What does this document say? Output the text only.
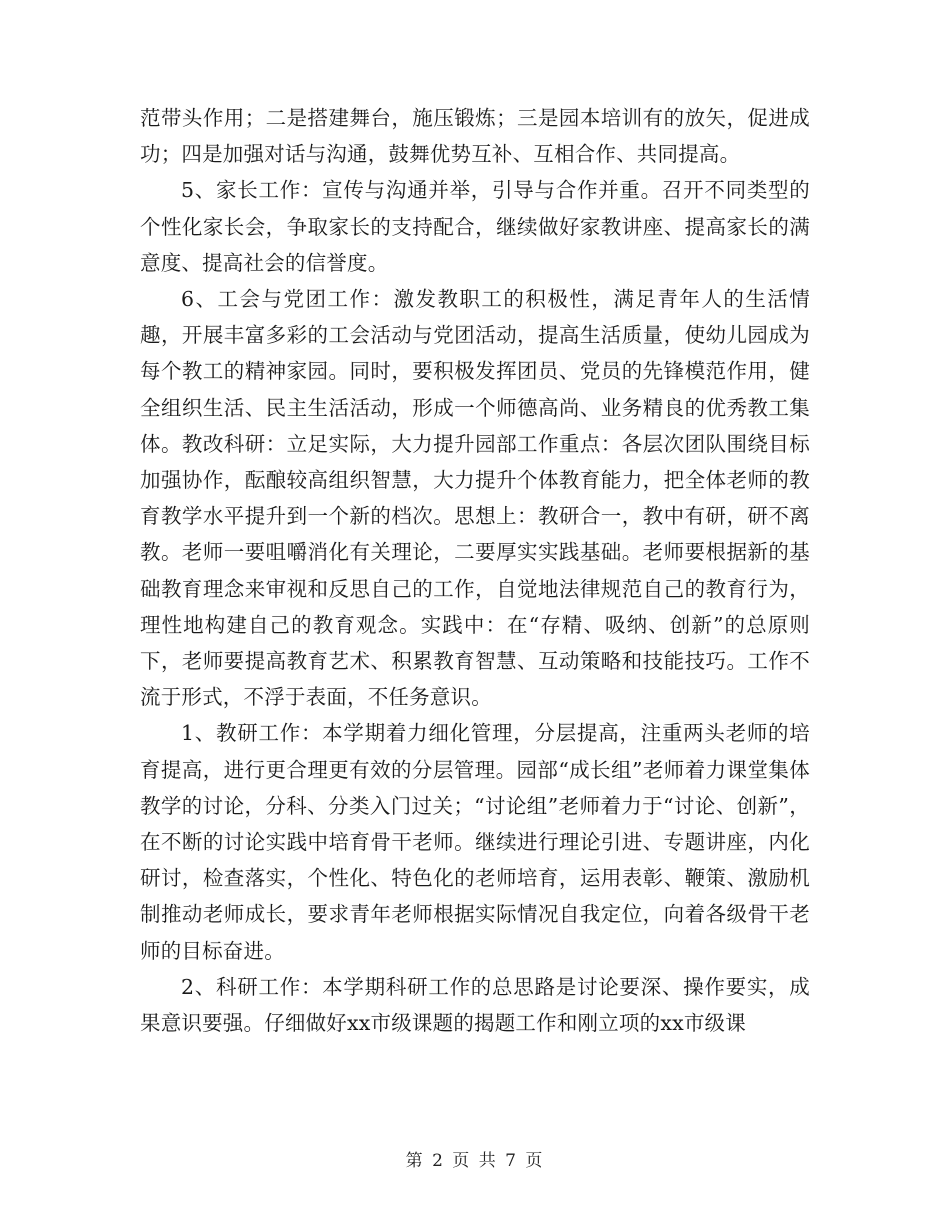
范带头作用；二是搭建舞台，施压锻炼；三是园本培训有的放矢，促进成功；四是加强对话与沟通，鼓舞优势互补、互相合作、共同提高。

5、家长工作：宣传与沟通并举，引导与合作并重。召开不同类型的个性化家长会，争取家长的支持配合，继续做好家教讲座、提高家长的满意度、提高社会的信誉度。

6、工会与党团工作：激发教职工的积极性，满足青年人的生活情趣，开展丰富多彩的工会活动与党团活动，提高生活质量，使幼儿园成为每个教工的精神家园。同时，要积极发挥团员、党员的先锋模范作用，健全组织生活、民主生活活动，形成一个师德高尚、业务精良的优秀教工集体。教改科研：立足实际，大力提升园部工作重点：各层次团队围绕目标加强协作，酝酿较高组织智慧，大力提升个体教育能力，把全体老师的教育教学水平提升到一个新的档次。思想上：教研合一，教中有研，研不离教。老师一要咀嚼消化有关理论，二要厚实实践基础。老师要根据新的基础教育理念来审视和反思自己的工作，自觉地法律规范自己的教育行为，理性地构建自己的教育观念。实践中：在“存精、吸纳、创新”的总原则下，老师要提高教育艺术、积累教育智慧、互动策略和技能技巧。工作不流于形式，不浮于表面，不任务意识。

1、教研工作：本学期着力细化管理，分层提高，注重两头老师的培育提高，进行更合理更有效的分层管理。园部“成长组”老师着力课堂集体教学的讨论，分科、分类入门过关；“讨论组”老师着力于“讨论、创新”，在不断的讨论实践中培育骨干老师。继续进行理论引进、专题讲座，内化研讨，检查落实，个性化、特色化的老师培育，运用表彰、鞭策、激励机制推动老师成长，要求青年老师根据实际情况自我定位，向着各级骨干老师的目标奋进。

2、科研工作：本学期科研工作的总思路是讨论要深、操作要实，成果意识要强。仔细做好xx市级课题的揭题工作和刚立项的xx市级课

第 2 页 共 7 页
